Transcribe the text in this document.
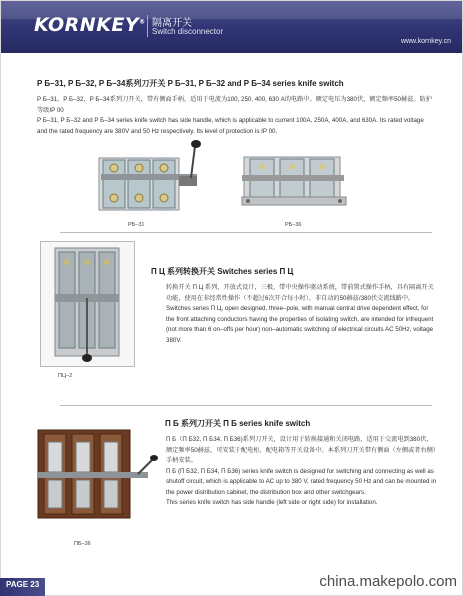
KORNKEY® 隔离开关
Switch disconnector
www.kornkey.cn
P Б–31, P Б–32, P Б–34系列刀开关 P Б–31, P Б–32 and P Б–34 series knife switch

P Б–31，P Б–32，P Б–34系列刀开关，带有侧面手柄，适用于电流为100, 250, 400, 630 A的电路中。额定电压为380伏，额定频率50赫兹。防护等级IP 00

P Б–31, P Б–32 and P Б–34 series knife switch has side handle, which is applicable to current 100A, 250A, 400A, and 630A. Its rated voltage and the rated frequency are 380V and 50 Hz respectively. Its level of protection is IP 00.

PБ–31	PБ–36
ПЦ–2
П Ц 系列转换开关 Switches series П Ц

转换开关 П Ц 系列，开放式设计，三极，带中央操作驱动系统，带前置式操作手柄，具有隔离开关功能，使用在非经常性操作（不超过6次开合每小时）、非自动的50赫兹/380伏交流线路中。

Switches series П Ц, open designed, three–pole, with manual central drive dependent effect, for the front attaching conductors having the properties of isolating switch, are intended for infrequent (not more than 6 on–offs per hour) non–automatic switching of electrical circuits AC 50Hz, voltage 380V.

ПБ–36
П Б 系列刀开关 П Б series knife switch

П Б（П Б32, П Б34, П Б36)系列刀开关，设计用于转换接通和关闭电路，适用于交流电到380伏，额定频率50赫兹，可安装于配电柜、配电箱等开关设备中。本系列刀开关带有侧面（左侧或者右侧）手柄安装。

П Б (П Б32, П Б34, П Б36) series knife switch is designed for switching and connecting as well as shutoff circuit, which is applicable to AC up to 380 V, rated frequency 50 Hz and can be mounted in the power distribution cabinet, the distribution box and other switchgears.

This series knife switch has side handle (left side or right side) for installation.

PAGE 23	china.makepolo.com
